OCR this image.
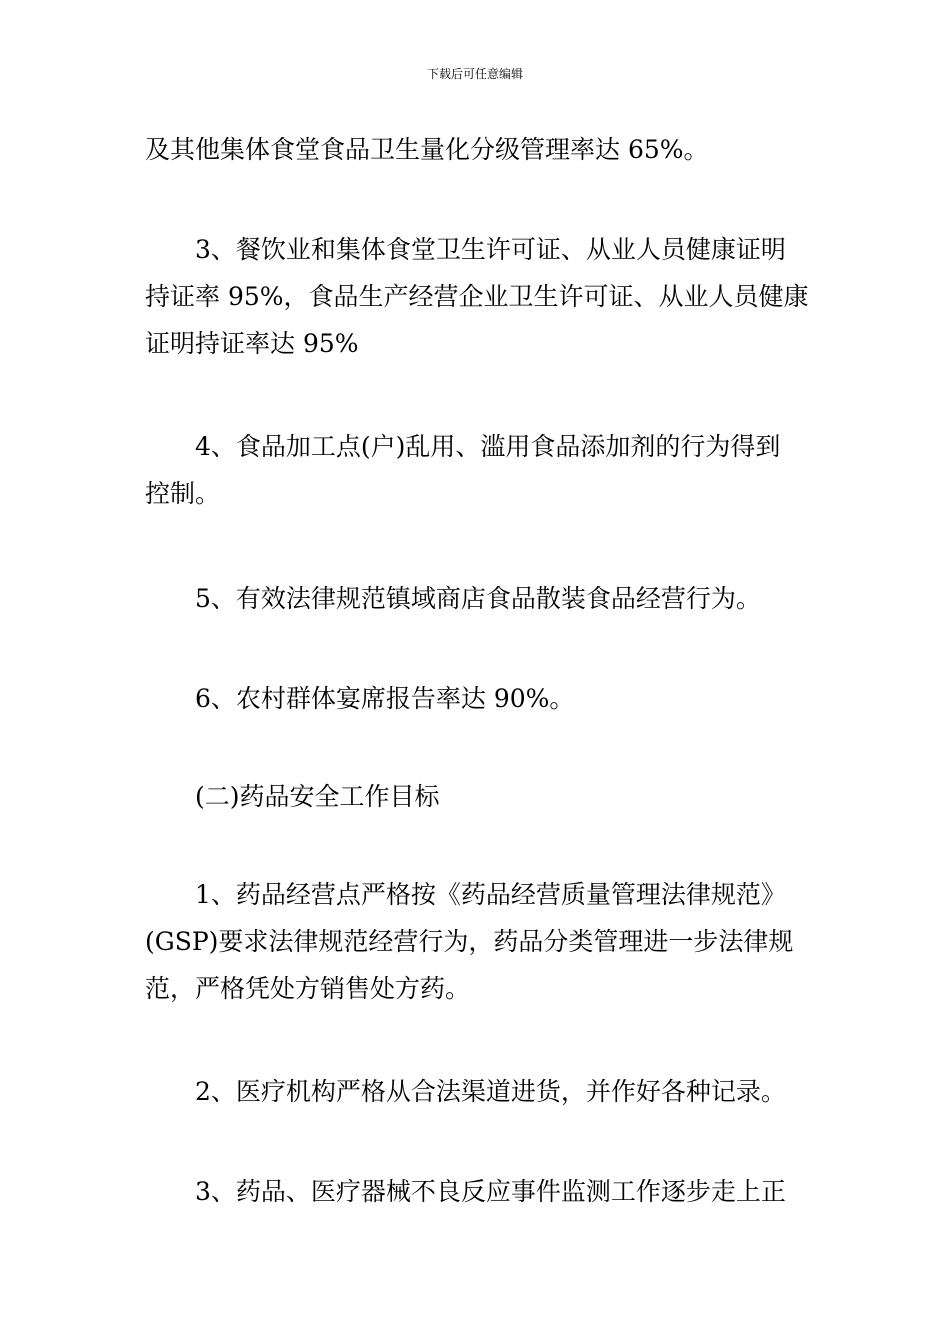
下载后可任意编辑
及其他集体食堂食品卫生量化分级管理率达 65%。
　　3、餐饮业和集体食堂卫生许可证、从业人员健康证明
持证率 95%，食品生产经营企业卫生许可证、从业人员健康
证明持证率达 95%
　　4、食品加工点(户)乱用、滥用食品添加剂的行为得到
控制。
　　5、有效法律规范镇域商店食品散装食品经营行为。
　　6、农村群体宴席报告率达 90%。
　　(二)药品安全工作目标
　　1、药品经营点严格按《药品经营质量管理法律规范》
(GSP)要求法律规范经营行为，药品分类管理进一步法律规
范，严格凭处方销售处方药。
　　2、医疗机构严格从合法渠道进货，并作好各种记录。
　　3、药品、医疗器械不良反应事件监测工作逐步走上正
